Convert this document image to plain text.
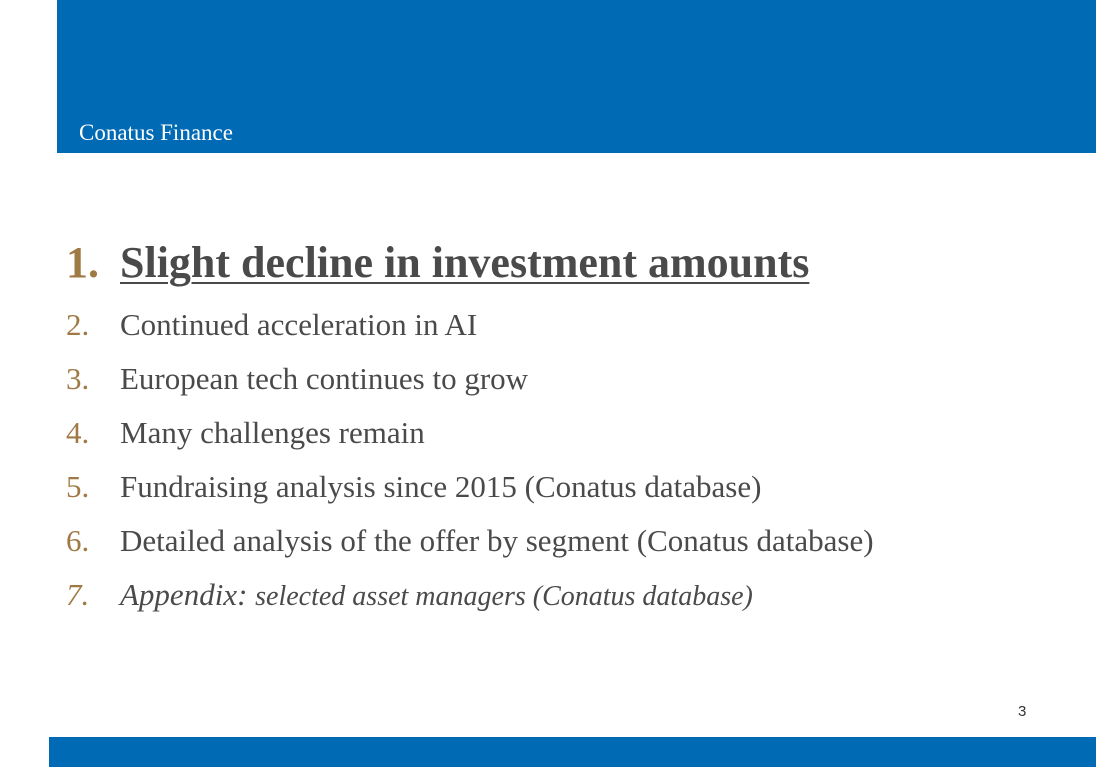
Conatus Finance
1. Slight decline in investment amounts
2. Continued acceleration in AI
3. European tech continues to grow
4. Many challenges remain
5. Fundraising analysis since 2015 (Conatus database)
6. Detailed analysis of the offer by segment (Conatus database)
7. Appendix: selected asset managers (Conatus database)
3
